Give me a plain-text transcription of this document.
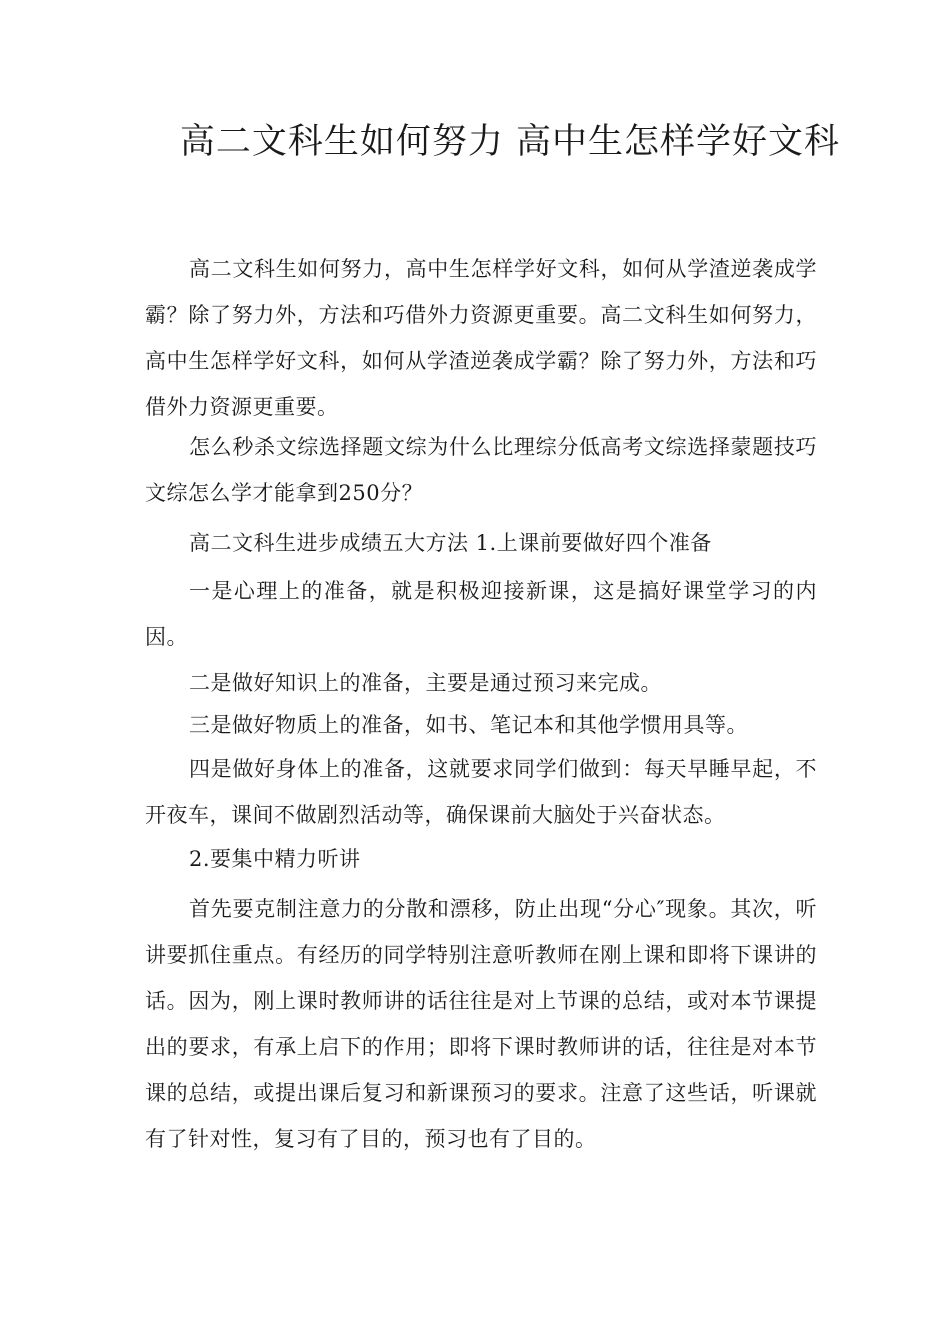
高二文科生如何努力 高中生怎样学好文科

高二文科生如何努力，高中生怎样学好文科，如何从学渣逆袭成学霸？除了努力外，方法和巧借外力资源更重要。高二文科生如何努力，高中生怎样学好文科，如何从学渣逆袭成学霸？除了努力外，方法和巧借外力资源更重要。

怎么秒杀文综选择题文综为什么比理综分低高考文综选择蒙题技巧文综怎么学才能拿到250分？

高二文科生进步成绩五大方法 1.上课前要做好四个准备

一是心理上的准备，就是积极迎接新课，这是搞好课堂学习的内因。

二是做好知识上的准备，主要是通过预习来完成。

三是做好物质上的准备，如书、笔记本和其他学惯用具等。

四是做好身体上的准备，这就要求同学们做到：每天早睡早起，不开夜车，课间不做剧烈活动等，确保课前大脑处于兴奋状态。

2.要集中精力听讲

首先要克制注意力的分散和漂移，防止出现“分心″现象。其次，听讲要抓住重点。有经历的同学特别注意听教师在刚上课和即将下课讲的话。因为，刚上课时教师讲的话往往是对上节课的总结，或对本节课提出的要求，有承上启下的作用；即将下课时教师讲的话，往往是对本节课的总结，或提出课后复习和新课预习的要求。注意了这些话，听课就有了针对性，复习有了目的，预习也有了目的。
